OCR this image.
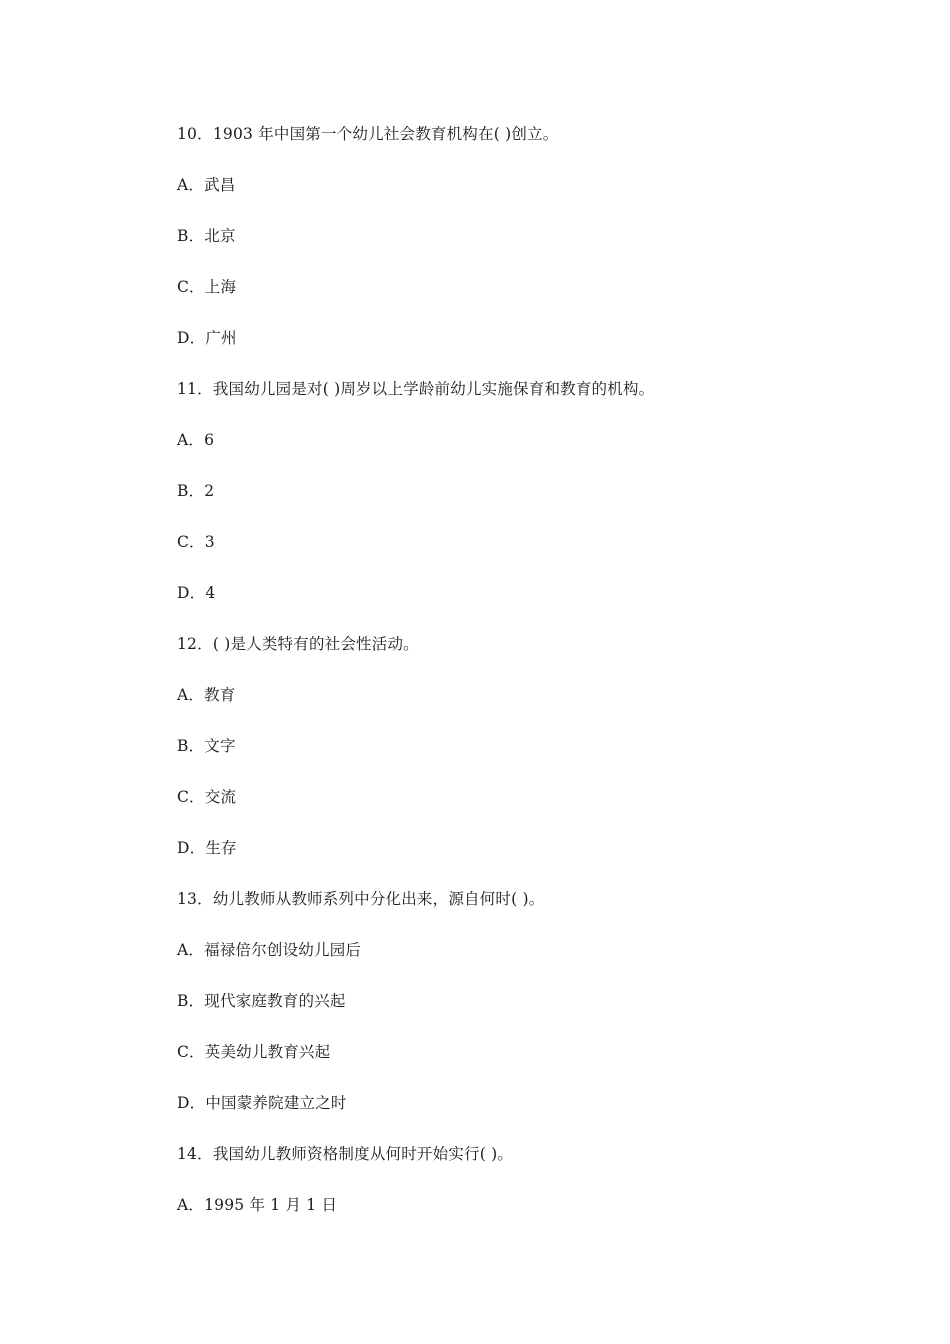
10．1903 年中国第一个幼儿社会教育机构在( )创立。
A．武昌
B．北京
C．上海
D．广州
11．我国幼儿园是对( )周岁以上学龄前幼儿实施保育和教育的机构。
A．6
B．2
C．3
D．4
12．( )是人类特有的社会性活动。
A．教育
B．文字
C．交流
D．生存
13．幼儿教师从教师系列中分化出来，源自何时( )。
A．福禄倍尔创设幼儿园后
B．现代家庭教育的兴起
C．英美幼儿教育兴起
D．中国蒙养院建立之时
14．我国幼儿教师资格制度从何时开始实行( )。
A．1995 年 1 月 1 日
